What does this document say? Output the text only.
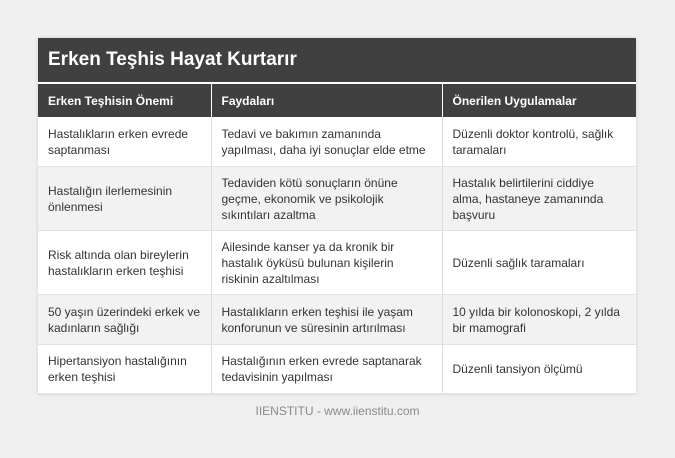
Erken Teşhis Hayat Kurtarır
Erken Teşhisin Önemi	Faydaları	Önerilen Uygulamalar
Hastalıkların erken evrede saptanması	Tedavi ve bakımın zamanında yapılması, daha iyi sonuçlar elde etme	Düzenli doktor kontrolü, sağlık taramaları
Hastalığın ilerlemesinin önlenmesi	Tedaviden kötü sonuçların önüne geçme, ekonomik ve psikolojik sıkıntıları azaltma	Hastalık belirtilerini ciddiye alma, hastaneye zamanında başvuru
Risk altında olan bireylerin hastalıkların erken teşhisi	Ailesinde kanser ya da kronik bir hastalık öyküsü bulunan kişilerin riskinin azaltılması	Düzenli sağlık taramaları
50 yaşın üzerindeki erkek ve kadınların sağlığı	Hastalıkların erken teşhisi ile yaşam konforunun ve süresinin artırılması	10 yılda bir kolonoskopi, 2 yılda bir mamografi
Hipertansiyon hastalığının erken teşhisi	Hastalığının erken evrede saptanarak tedavisinin yapılması	Düzenli tansiyon ölçümü
IIENSTITU - www.iienstitu.com
